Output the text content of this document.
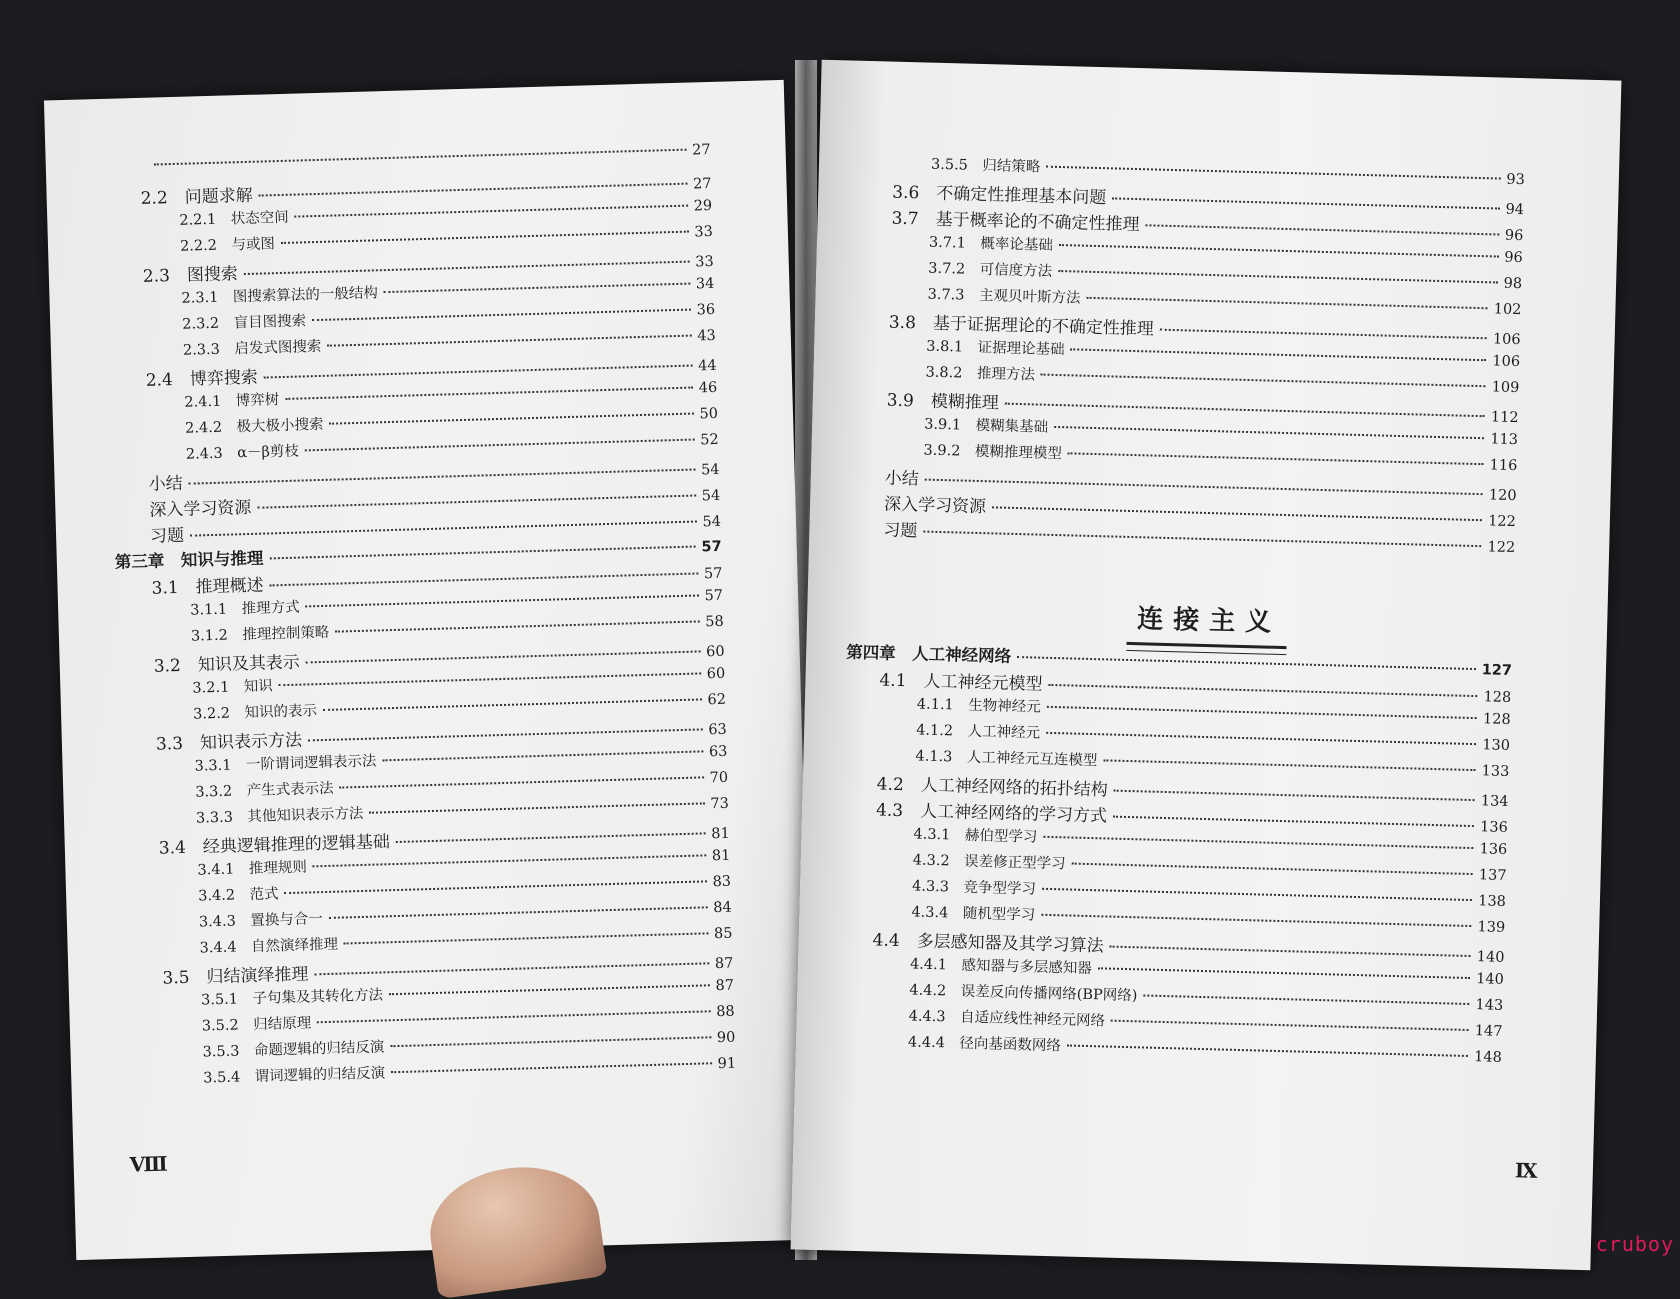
27
2.2　问题求解
27
2.2.1　状态空间
29
2.2.2　与或图
33
2.3　图搜索
33
2.3.1　图搜索算法的一般结构
34
2.3.2　盲目图搜索
36
2.3.3　启发式图搜索
43
2.4　博弈搜索
44
2.4.1　博弈树
46
2.4.2　极大极小搜索
50
2.4.3　α－β剪枝
52
小结
54
深入学习资源
54
习题
54
第三章　知识与推理
57
3.1　推理概述
57
3.1.1　推理方式
57
3.1.2　推理控制策略
58
3.2　知识及其表示
60
3.2.1　知识
60
3.2.2　知识的表示
62
3.3　知识表示方法
63
3.3.1　一阶谓词逻辑表示法
63
3.3.2　产生式表示法
70
3.3.3　其他知识表示方法
73
3.4　经典逻辑推理的逻辑基础	81
3.4.1　推理规则
81
3.4.2　范式
83
3.4.3　置换与合一
84
3.4.4　自然演绎推理
85
3.5　归结演绎推理
87
3.5.1　子句集及其转化方法
87
3.5.2　归结原理
88
3.5.3　命题逻辑的归结反演
90
3.5.4　谓词逻辑的归结反演
91
Ⅷ
3.5.5　归结策略
93
3.6　不确定性推理基本问题
94
3.7　基于概率论的不确定性推理
96
3.7.1　概率论基础
96
3.7.2　可信度方法
98
3.7.3　主观贝叶斯方法
102
3.8　基于证据理论的不确定性推理
106
3.8.1　证据理论基础
106
3.8.2　推理方法
109
3.9　模糊推理
112
3.9.1　模糊集基础
113
3.9.2　模糊推理模型
116
小结
120
深入学习资源
122
习题
122
第四章　人工神经网络
127
4.1　人工神经元模型
128
4.1.1　生物神经元
128
4.1.2　人工神经元
130
4.1.3　人工神经元互连模型
133
4.2　人工神经网络的拓扑结构
134
4.3　人工神经网络的学习方式
136
4.3.1　赫伯型学习
136
4.3.2　误差修正型学习
137
4.3.3　竞争型学习
138
4.3.4　随机型学习
139
4.4　多层感知器及其学习算法
140
4.4.1　感知器与多层感知器
140
4.4.2　误差反向传播网络(BP网络)
143
4.4.3　自适应线性神经元网络
147
4.4.4　径向基函数网络
148
连接主义
Ⅸ
cruboy
